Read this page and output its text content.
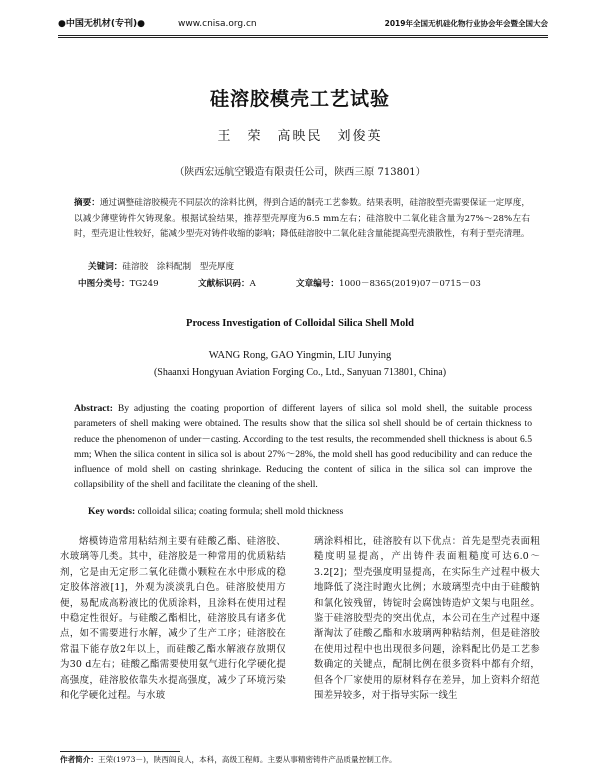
●中国无机材(专刊)●	www.cnisa.org.cn	2019年全国无机硅化物行业协会年会暨全国大会
硅溶胶模壳工艺试验
王　荣　高映民　刘俊英
（陕西宏远航空锻造有限责任公司，陕西三原 713801）
摘要：通过调整硅溶胶模壳不同层次的涂料比例，得到合适的制壳工艺参数。结果表明，硅溶胶型壳需要保证一定厚度，以减少薄壁铸件欠铸现象。根据试验结果，推荐型壳厚度为6.5 mm左右；硅溶胶中二氧化硅含量为27%～28%左右时，型壳退让性较好，能减少型壳对铸件收缩的影响；降低硅溶胶中二氧化硅含量能提高型壳溃散性，有利于型壳清理。
关键词：硅溶胶　涂料配制　型壳厚度
中图分类号：TG249	文献标识码：A	文章编号：1000－8365(2019)07－0715－03
Process Investigation of Colloidal Silica Shell Mold
WANG Rong, GAO Yingmin, LIU Junying
(Shaanxi Hongyuan Aviation Forging Co., Ltd., Sanyuan 713801, China)
Abstract: By adjusting the coating proportion of different layers of silica sol mold shell, the suitable process parameters of shell making were obtained. The results show that the silica sol shell should be of certain thickness to reduce the phenomenon of under－casting. According to the test results, the recommended shell thickness is about 6.5 mm; When the silica content in silica sol is about 27%～28%, the mold shell has good reducibility and can reduce the influence of mold shell on casting shrinkage. Reducing the content of silica in the silica sol can improve the collapsibility of the shell and facilitate the cleaning of the shell.
Key words: colloidal silica; coating formula; shell mold thickness
熔模铸造常用粘结剂主要有硅酸乙酯、硅溶胶、水玻璃等几类。其中，硅溶胶是一种常用的优质粘结剂，它是由无定形二氧化硅微小颗粒在水中形成的稳定胶体溶液[1]，外观为淡淡乳白色。硅溶胶使用方便，易配成高粉液比的优质涂料，且涂料在使用过程中稳定性很好。与硅酸乙酯相比，硅溶胶具有诸多优点，如不需要进行水解，减少了生产工序；硅溶胶在常温下能存放2年以上，而硅酸乙酯水解液存放期仅为30 d左右；硅酸乙酯需要使用氨气进行化学硬化提高强度，硅溶胶依靠失水提高强度，减少了环境污染和化学硬化过程。与水玻
璃涂料相比，硅溶胶有以下优点：首先是型壳表面粗糙度明显提高，产出铸件表面粗糙度可达6.0～3.2[2]；型壳强度明显提高，在实际生产过程中极大地降低了浇注时跑火比例；水玻璃型壳中由于硅酸钠和氯化铵残留，铸锭时会腐蚀铸造炉文架与电阻丝。鉴于硅溶胶型壳的突出优点，本公司在生产过程中逐渐淘汰了硅酸乙酯和水玻璃两种粘结剂，但是硅溶胶在使用过程中也出现很多问题，涂料配比仍是工艺参数确定的关键点，配制比例在很多资料中都有介绍，但各个厂家使用的原材料存在差异，加上资料介绍范围差异较多，对于指导实际一线生
作者简介：王荣(1973－)，陕西阎良人，本科，高级工程师。主要从事精密铸件产品质量控制工作。
